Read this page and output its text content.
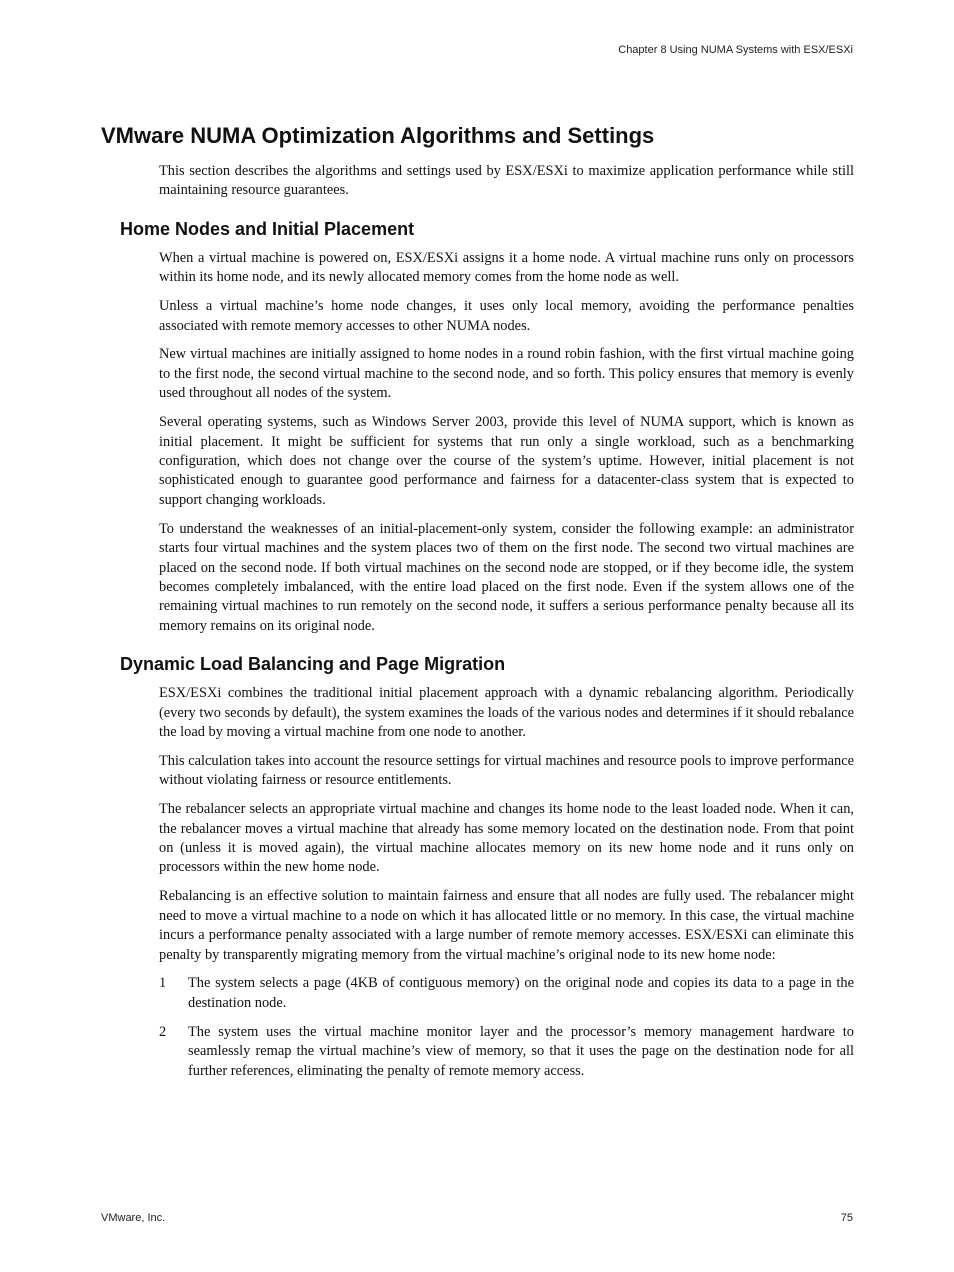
Chapter 8 Using NUMA Systems with ESX/ESXi
VMware NUMA Optimization Algorithms and Settings

This section describes the algorithms and settings used by ESX/ESXi to maximize application performance while still maintaining resource guarantees.

Home Nodes and Initial Placement

When a virtual machine is powered on, ESX/ESXi assigns it a home node. A virtual machine runs only on processors within its home node, and its newly allocated memory comes from the home node as well.

Unless a virtual machine’s home node changes, it uses only local memory, avoiding the performance penalties associated with remote memory accesses to other NUMA nodes.

New virtual machines are initially assigned to home nodes in a round robin fashion, with the first virtual machine going to the first node, the second virtual machine to the second node, and so forth. This policy ensures that memory is evenly used throughout all nodes of the system.

Several operating systems, such as Windows Server 2003, provide this level of NUMA support, which is known as initial placement. It might be sufficient for systems that run only a single workload, such as a benchmarking configuration, which does not change over the course of the system’s uptime. However, initial placement is not sophisticated enough to guarantee good performance and fairness for a datacenter-class system that is expected to support changing workloads.

To understand the weaknesses of an initial-placement-only system, consider the following example: an administrator starts four virtual machines and the system places two of them on the first node. The second two virtual machines are placed on the second node. If both virtual machines on the second node are stopped, or if they become idle, the system becomes completely imbalanced, with the entire load placed on the first node. Even if the system allows one of the remaining virtual machines to run remotely on the second node, it suffers a serious performance penalty because all its memory remains on its original node.

Dynamic Load Balancing and Page Migration

ESX/ESXi combines the traditional initial placement approach with a dynamic rebalancing algorithm. Periodically (every two seconds by default), the system examines the loads of the various nodes and determines if it should rebalance the load by moving a virtual machine from one node to another.

This calculation takes into account the resource settings for virtual machines and resource pools to improve performance without violating fairness or resource entitlements.

The rebalancer selects an appropriate virtual machine and changes its home node to the least loaded node. When it can, the rebalancer moves a virtual machine that already has some memory located on the destination node. From that point on (unless it is moved again), the virtual machine allocates memory on its new home node and it runs only on processors within the new home node.

Rebalancing is an effective solution to maintain fairness and ensure that all nodes are fully used. The rebalancer might need to move a virtual machine to a node on which it has allocated little or no memory. In this case, the virtual machine incurs a performance penalty associated with a large number of remote memory accesses. ESX/ESXi can eliminate this penalty by transparently migrating memory from the virtual machine’s original node to its new home node:

1	The system selects a page (4KB of contiguous memory) on the original node and copies its data to a page in the destination node.
2	The system uses the virtual machine monitor layer and the processor’s memory management hardware to seamlessly remap the virtual machine’s view of memory, so that it uses the page on the destination node for all further references, eliminating the penalty of remote memory access.
VMware, Inc.	75
